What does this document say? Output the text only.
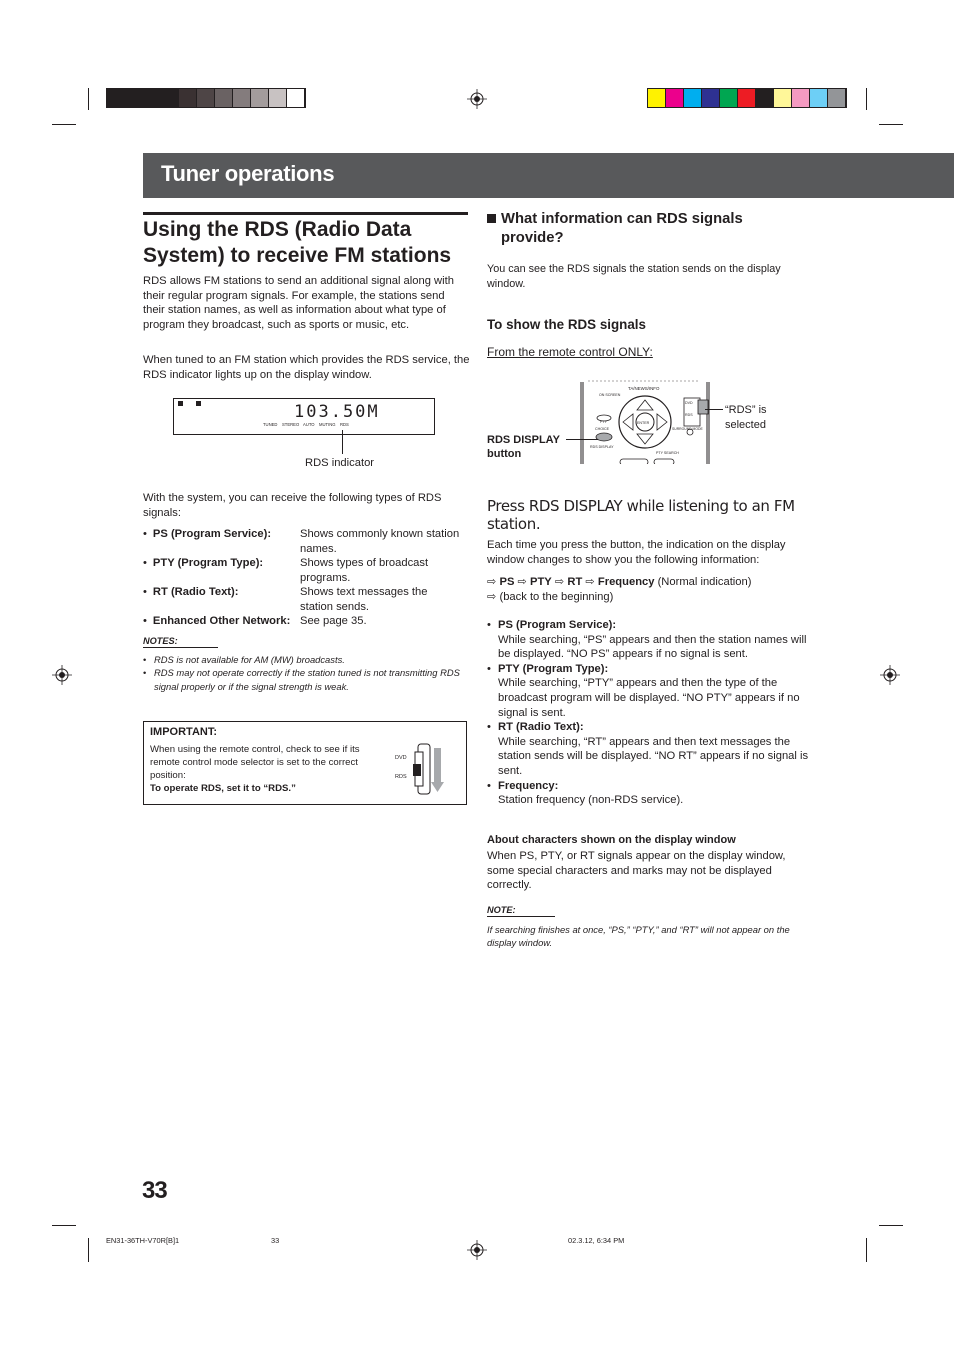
Tuner operations
Using the RDS (Radio Data System) to receive FM stations

RDS allows FM stations to send an additional signal along with their regular program signals. For example, the stations send their station names, as well as information about what type of program they broadcast, such as sports or music, etc.

When tuned to an FM station which provides the RDS service, the RDS indicator lights up on the display window.

103.50M
TUNED STEREO AUTO MUTING RDS
RDS indicator

With the system, you can receive the following types of RDS signals:

• PS (Program Service):	Shows commonly known station names.
• PTY (Program Type):	Shows types of broadcast programs.
• RT (Radio Text):	Shows text messages the station sends.
• Enhanced Other Network: See page 35.
NOTES:
• RDS is not available for AM (MW) broadcasts.
• RDS may not operate correctly if the station tuned is not transmitting RDS signal properly or if the signal strength is weak.
IMPORTANT:
When using the remote control, check to see if its remote control mode selector is set to the correct position:
To operate RDS, set it to “RDS.”
DVD
RDS
What information can RDS signals provide?

You can see the RDS signals the station sends on the display window.

To show the RDS signals
From the remote control ONLY:
TA/NEWS/INFO
ON SCREEN
ENTER
PTY
CHOICE
RDS DISPLAY
PTY SEARCH
DVD
RDS
SURROUND MODE
RDS DISPLAY button
“RDS” is selected
Press RDS DISPLAY while listening to an FM station.

Each time you press the button, the indication on the display window changes to show you the following information:

⇨ PS ⇨ PTY ⇨ RT ⇨ Frequency (Normal indication)
⇨ (back to the beginning)
• PS (Program Service):
While searching, “PS” appears and then the station names will be displayed. “NO PS” appears if no signal is sent.
• PTY (Program Type):
While searching, “PTY” appears and then the type of the broadcast program will be displayed. “NO PTY” appears if no signal is sent.
• RT (Radio Text):
While searching, “RT” appears and then text messages the station sends will be displayed. “NO RT” appears if no signal is sent.
• Frequency:
Station frequency (non-RDS service).
About characters shown on the display window

When PS, PTY, or RT signals appear on the display window, some special characters and marks may not be displayed correctly.

NOTE:
If searching finishes at once, “PS,” “PTY,” and “RT” will not appear on the display window.
33
EN31-36TH-V70R[B]1	33	02.3.12, 6:34 PM
